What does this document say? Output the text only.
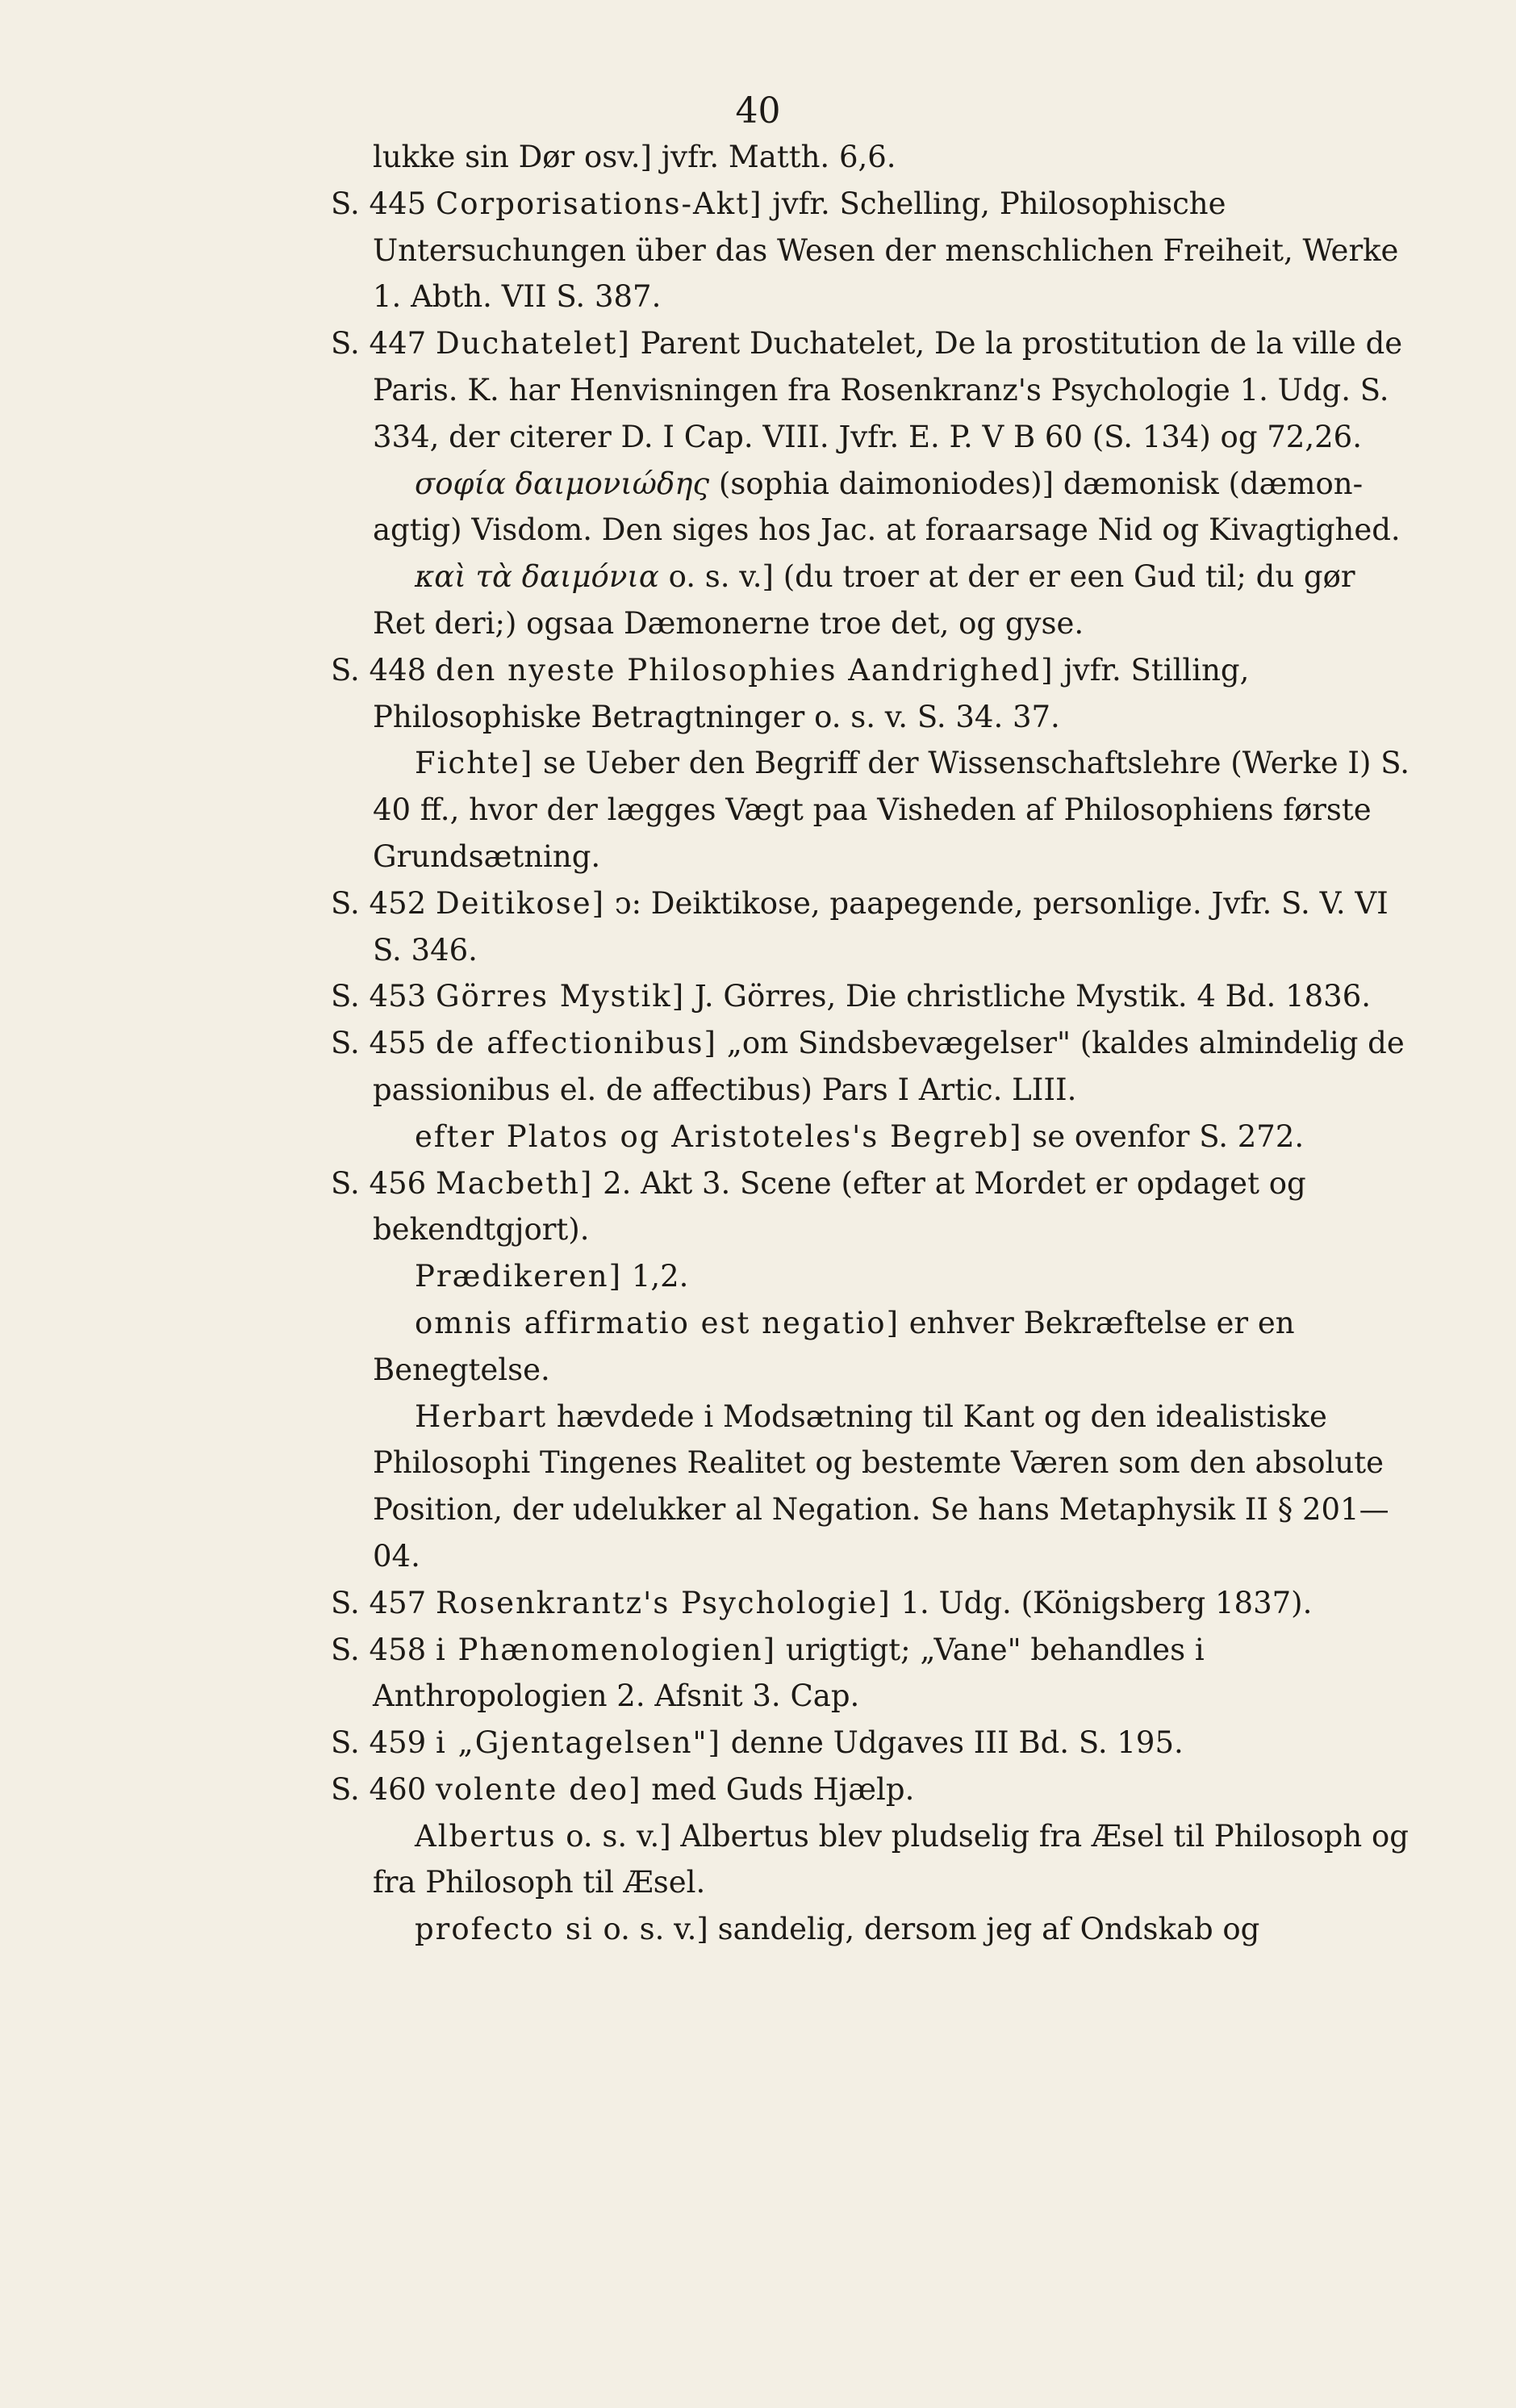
40

lukke sin Dør osv.] jvfr. Matth. 6,6.

S. 445 Corporisations-Akt] jvfr. Schelling, Philosophische Untersuchungen über das Wesen der menschlichen Freiheit, Werke 1. Abth. VII S. 387.

S. 447 Duchatelet] Parent Duchatelet, De la prostitution de la ville de Paris. K. har Henvisningen fra Rosenkranz's Psychologie 1. Udg. S. 334, der citerer D. I Cap. VIII. Jvfr. E. P. V B 60 (S. 134) og 72,26.

σοφία δαιμονιώδης (sophia daimoniodes)] dæmonisk (dæmon-agtig) Visdom. Den siges hos Jac. at foraarsage Nid og Kivagtighed.

καὶ τὰ δαιμόνια o. s. v.] (du troer at der er een Gud til; du gør Ret deri;) ogsaa Dæmonerne troe det, og gyse.

S. 448 den nyeste Philosophies Aandrighed] jvfr. Stilling, Philosophiske Betragtninger o. s. v. S. 34. 37.

Fichte] se Ueber den Begriff der Wissenschaftslehre (Werke I) S. 40 ff., hvor der lægges Vægt paa Visheden af Philosophiens første Grundsætning.

S. 452 Deitikose] ↄ: Deiktikose, paapegende, personlige. Jvfr. S. V. VI S. 346.

S. 453 Görres Mystik] J. Görres, Die christliche Mystik. 4 Bd. 1836.

S. 455 de affectionibus] „om Sindsbevægelser" (kaldes almindelig de passionibus el. de affectibus) Pars I Artic. LIII.

efter Platos og Aristoteles's Begreb] se ovenfor S. 272.

S. 456 Macbeth] 2. Akt 3. Scene (efter at Mordet er opdaget og bekendtgjort).

Prædikeren] 1,2.

omnis affirmatio est negatio] enhver Bekræftelse er en Benegtelse.

Herbart hævdede i Modsætning til Kant og den idealistiske Philosophi Tingenes Realitet og bestemte Væren som den absolute Position, der udelukker al Negation. Se hans Metaphysik II § 201—04.

S. 457 Rosenkrantz's Psychologie] 1. Udg. (Königsberg 1837).

S. 458 i Phænomenologien] urigtigt; „Vane" behandles i Anthropologien 2. Afsnit 3. Cap.

S. 459 i „Gjentagelsen"] denne Udgaves III Bd. S. 195.

S. 460 volente deo] med Guds Hjælp.

Albertus o. s. v.] Albertus blev pludselig fra Æsel til Philosoph og fra Philosoph til Æsel.

profecto si o. s. v.] sandelig, dersom jeg af Ondskab og
